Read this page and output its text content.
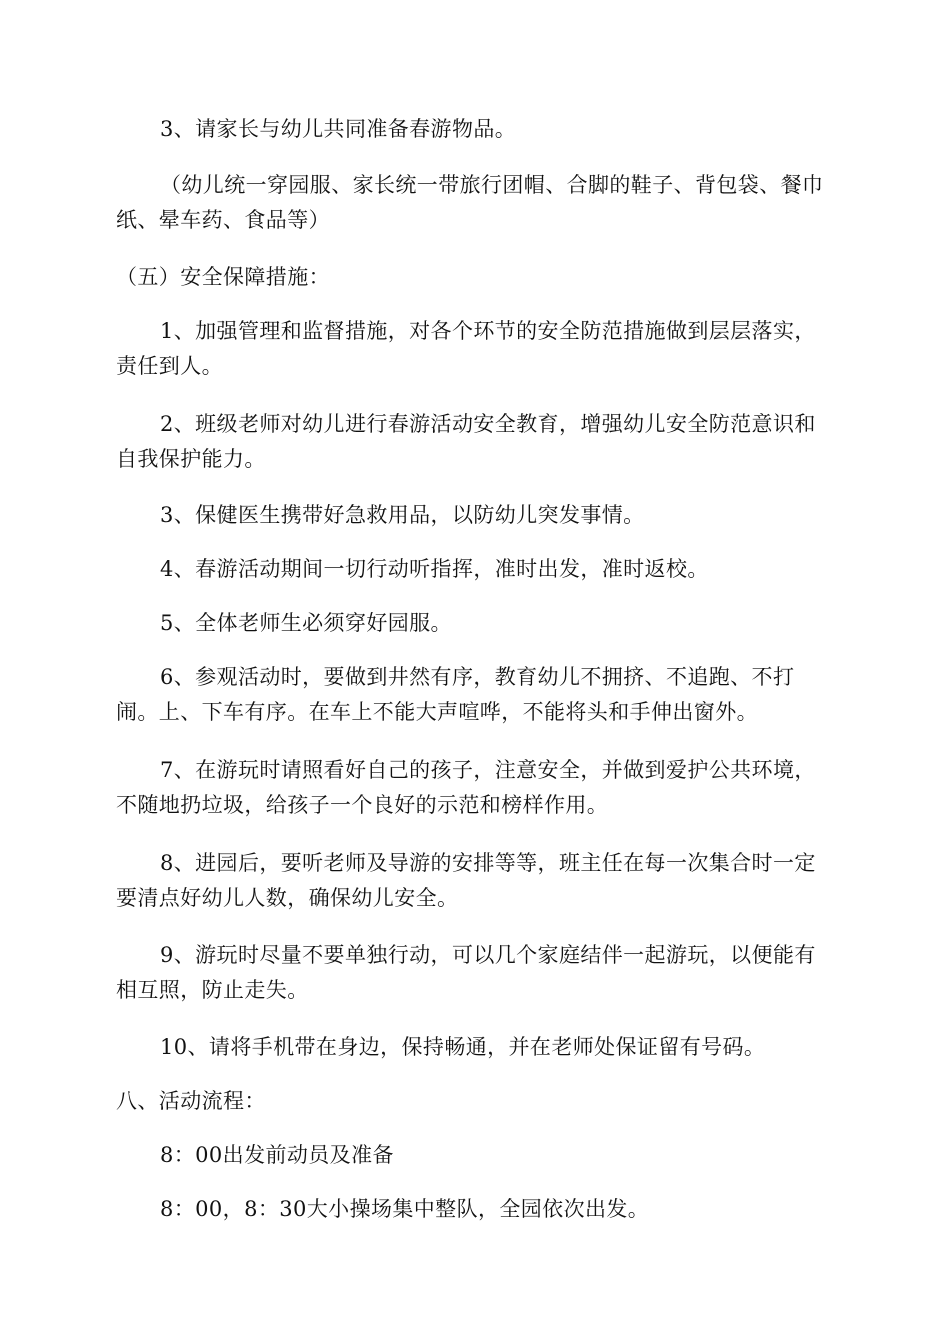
3、请家长与幼儿共同准备春游物品。

（幼儿统一穿园服、家长统一带旅行团帽、合脚的鞋子、背包袋、餐巾纸、晕车药、食品等）

（五）安全保障措施：

1、加强管理和监督措施，对各个环节的安全防范措施做到层层落实，责任到人。

2、班级老师对幼儿进行春游活动安全教育，增强幼儿安全防范意识和自我保护能力。

3、保健医生携带好急救用品，以防幼儿突发事情。

4、春游活动期间一切行动听指挥，准时出发，准时返校。

5、全体老师生必须穿好园服。

6、参观活动时，要做到井然有序，教育幼儿不拥挤、不追跑、不打闹。上、下车有序。在车上不能大声喧哗，不能将头和手伸出窗外。

7、在游玩时请照看好自己的孩子，注意安全，并做到爱护公共环境，不随地扔垃圾，给孩子一个良好的示范和榜样作用。

8、进园后，要听老师及导游的安排等等，班主任在每一次集合时一定要清点好幼儿人数，确保幼儿安全。

9、游玩时尽量不要单独行动，可以几个家庭结伴一起游玩，以便能有相互照，防止走失。

10、请将手机带在身边，保持畅通，并在老师处保证留有号码。

八、活动流程：

8：00出发前动员及准备

8：00，8：30大小操场集中整队，全园依次出发。
